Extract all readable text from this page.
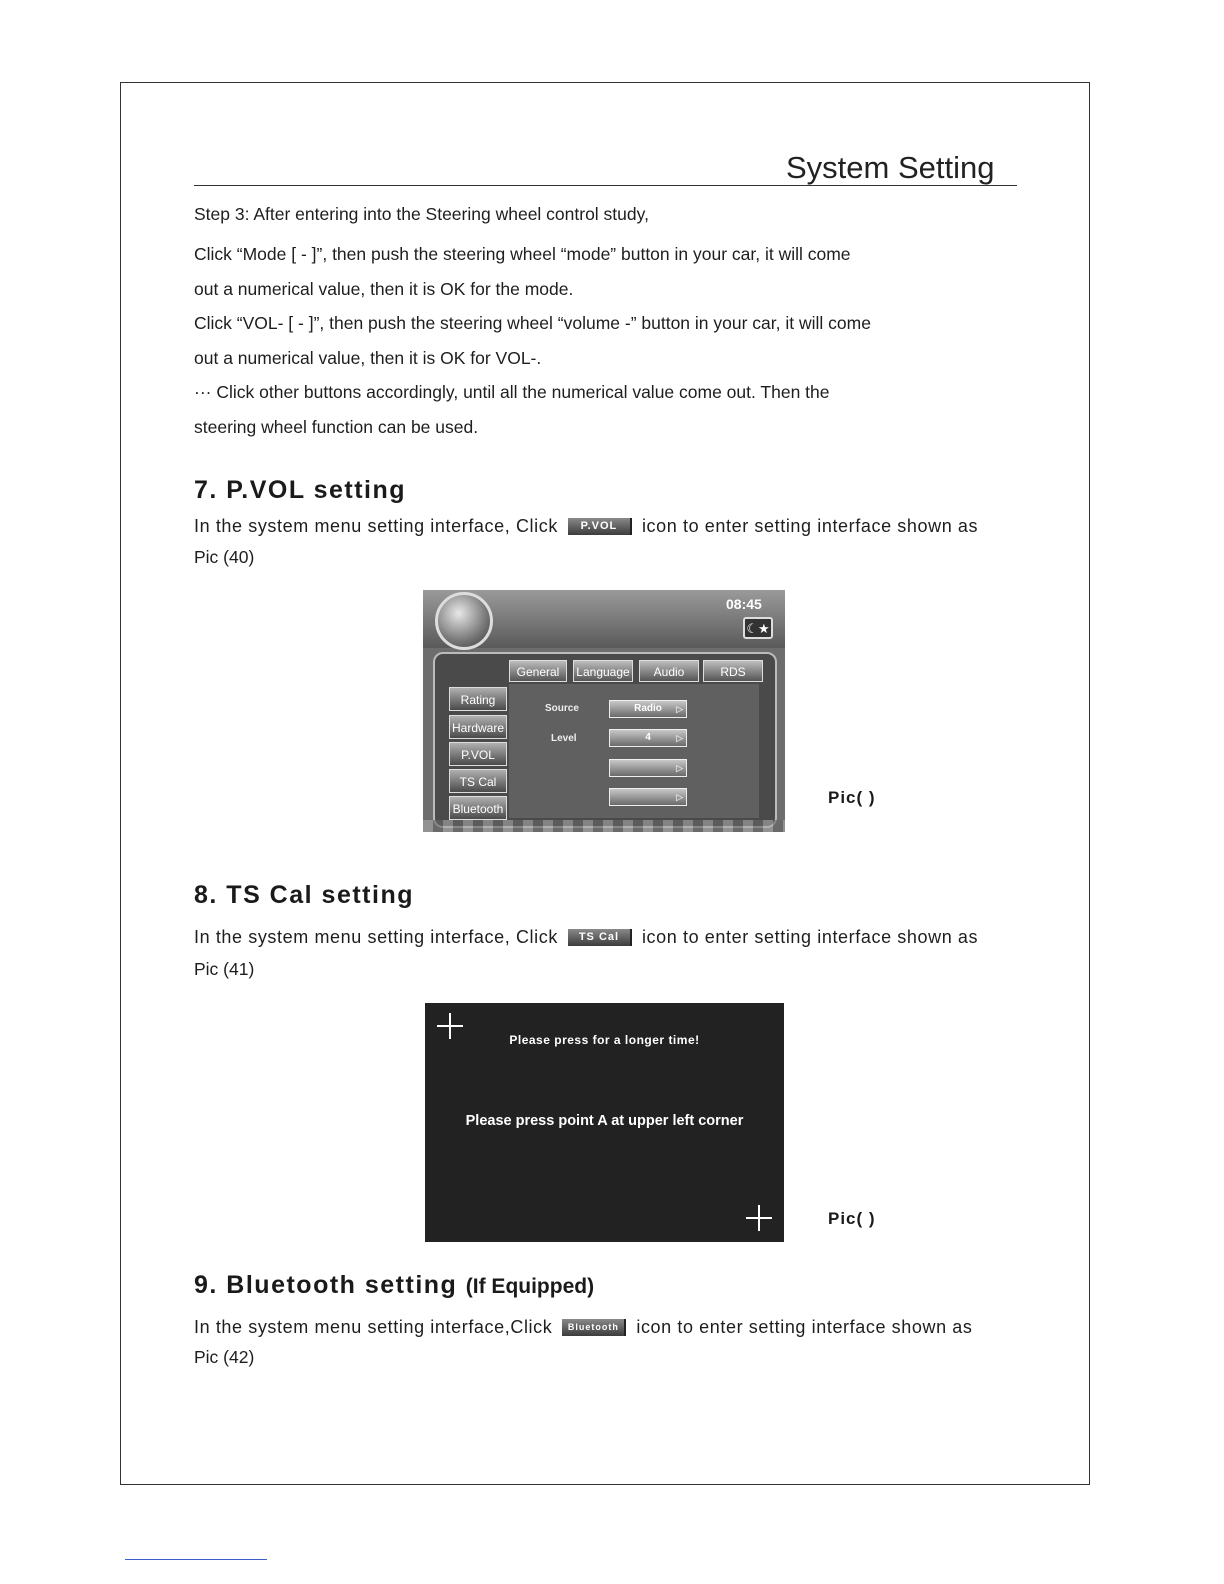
System Setting
Step 3: After entering into the Steering wheel control study,
Click “Mode [ - ]”, then push the steering wheel “mode” button in your car, it will come
out a numerical value, then it is OK for the mode.
Click “VOL- [ - ]”, then push the steering wheel “volume -” button in your car, it will come
out a numerical value, then it is OK for VOL-.
··· Click other buttons accordingly, until all the numerical value come out. Then the
steering wheel function can be used.
7. P.VOL setting
In the system menu setting interface, Click	P.VOL	icon to enter setting interface shown as
Pic (40)
08:45
☾★
General	Language	Audio	RDS
Rating
Hardware
P.VOL
TS Cal
Bluetooth
Source	Radio ▷
Level	4	▷
▷
▷	Pic( )
8. TS Cal setting
In the system menu setting interface, Click	TS Cal	icon to enter setting interface shown as
Pic (41)
Please press for a longer time!
Please press point A at upper left corner
Pic( )
9. Bluetooth setting (If Equipped)
In the system menu setting interface,Click	Bluetooth icon to enter setting interface shown as
Pic (42)
